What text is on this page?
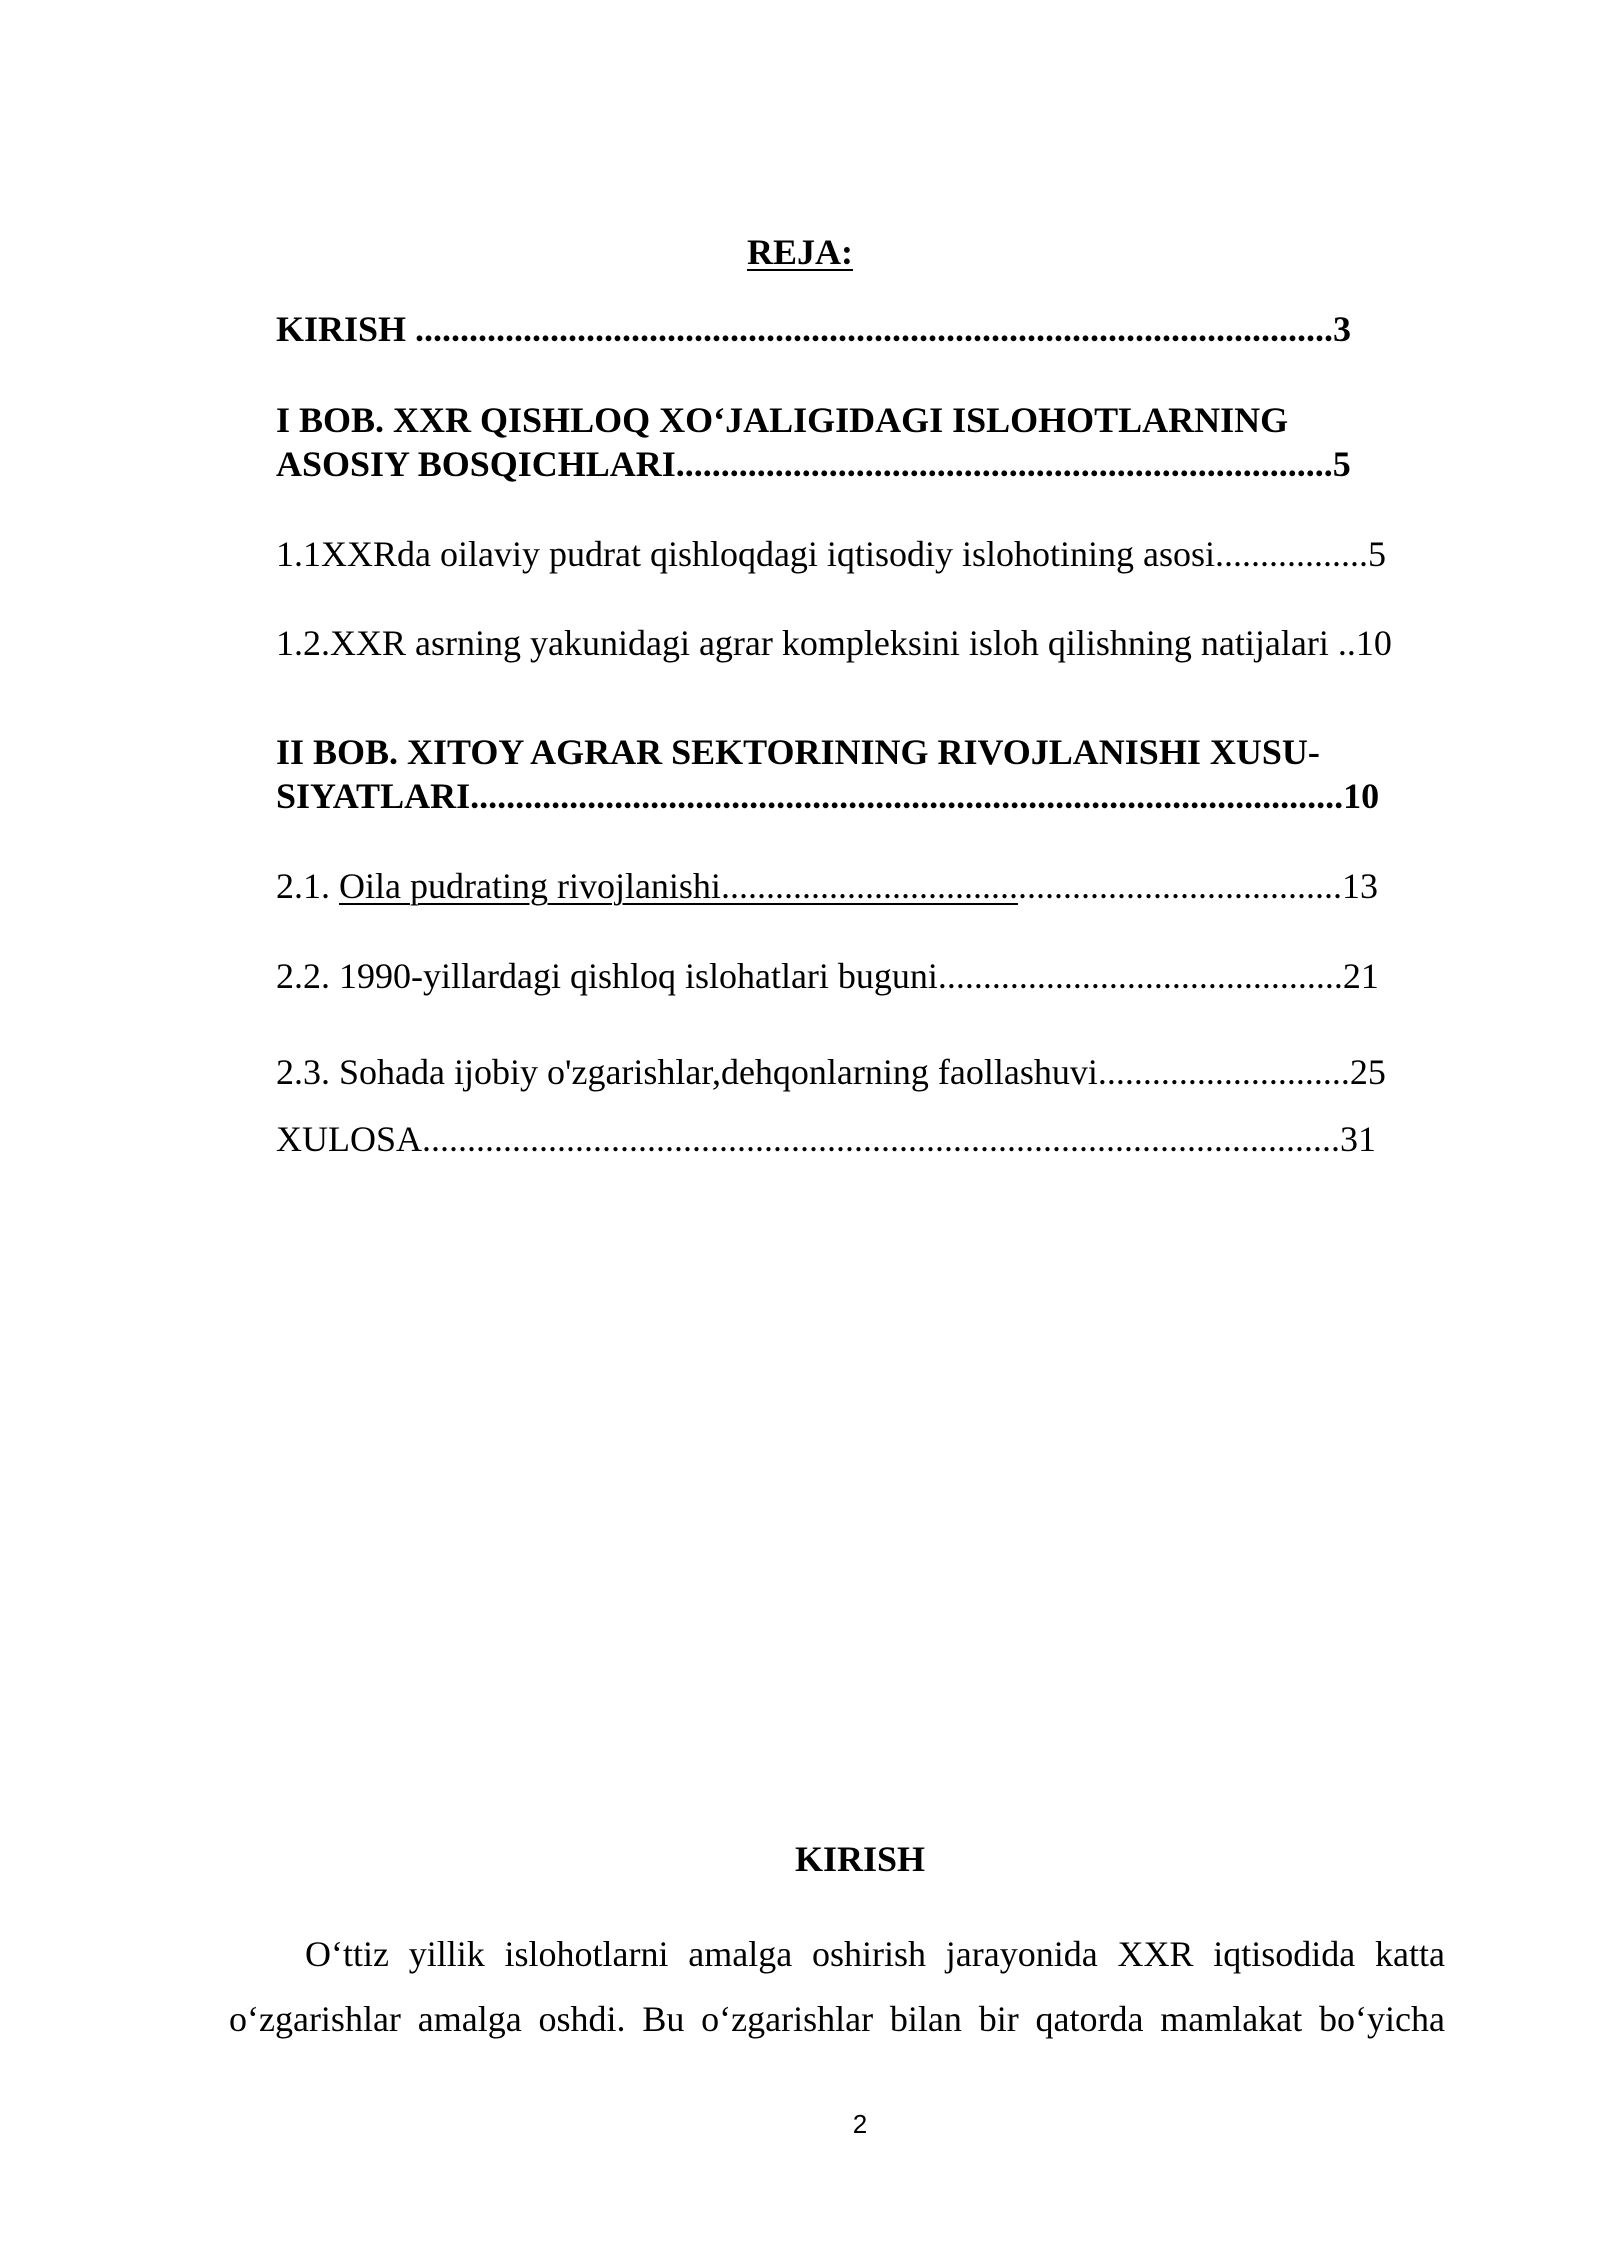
REJA:
KIRISH ......................................................................................................3
I BOB. XXR QISHLOQ XO‘JALIGIDAGI ISLOHOTLARNING
ASOSIY BOSQICHLARI.........................................................................5
1.1XXRda oilaviy pudrat qishloqdagi iqtisodiy islohotining asosi.................5
1.2.XXR asrning yakunidagi agrar kompleksini isloh qilishning natijalari ..10
II BOB. XITOY AGRAR SEKTORINING RIVOJLANISHI XUSU-
SIYATLARI.................................................................................................10
2.1. Oila pudrating rivojlanishi.....................................................................13
2.2. 1990-yillardagi qishloq islohatlari buguni.............................................21
2.3. Sohada ijobiy o'zgarishlar,dehqonlarning faollashuvi............................25
XULOSA......................................................................................................31
KIRISH
O‘ttiz yillik islohotlarni amalga oshirish jarayonida XXR iqtisodida katta
o‘zgarishlar amalga oshdi. Bu o‘zgarishlar bilan bir qatorda mamlakat bo‘yicha
2
